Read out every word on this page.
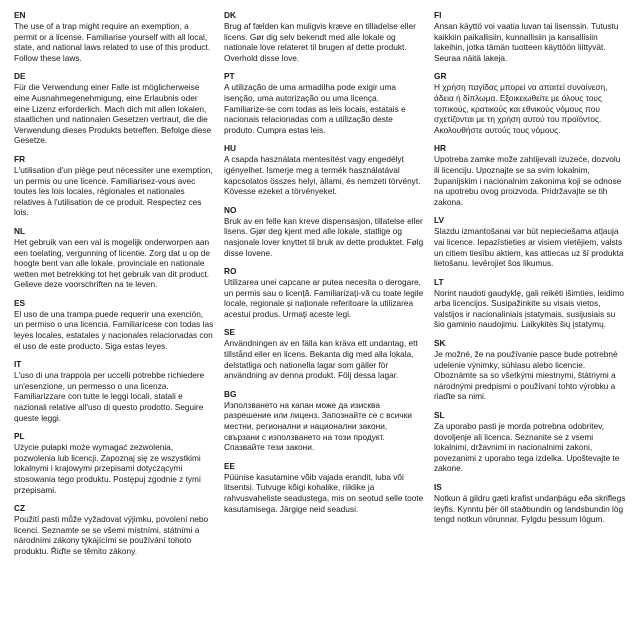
EN

The use of a trap might require an exemption, a permit or a license. Familiarise yourself with all local, state, and national laws related to use of this product. Follow these laws.

DE

Für die Verwendung einer Falle ist möglicherweise eine Ausnahmegenehmigung, eine Erlaubnis oder eine Lizenz erforderlich. Mach dich mit allen lokalen, staatlichen und nationalen Gesetzen vertraut, die die Verwendung dieses Produkts betreffen. Befolge diese Gesetze.

FR

L'utilisation d'un piège peut nécessiter une exemption, un permis ou une licence. Familiarisez-vous avec toutes les lois locales, régionales et nationales relatives à l'utilisation de ce produit. Respectez ces lois.

NL

Het gebruik van een val is mogelijk onderworpen aan een toelating, vergunning of licentie. Zorg dat u op de hoogte bent van alle lokale, provinciale en nationale wetten met betrekking tot het gebruik van dit product. Gelieve deze voorschriften na te leven.

ES

El uso de una trampa puede requerir una exención, un permiso o una licencia. Familiarícese con todas las leyes locales, estatales y nacionales relacionadas con el uso de este producto. Siga estas leyes.

IT

L'uso di una trappola per uccelli potrebbe richiedere un'esenzione, un permesso o una licenza. Familiarizzare con tutte le leggi locali, statali e nazionali relative all'uso di questo prodotto. Seguire queste leggi.

PL

Użycie pułapki może wymagać zezwolenia, pozwolenia lub licencji. Zapoznaj się ze wszystkimi lokalnymi i krajowymi przepisami dotyczącymi stosowania tego produktu. Postępuj zgodnie z tymi przepisami.

CZ

Použití pasti může vyžadovat výjimku, povolení nebo licenci. Seznamte se se všemi místními, státními a národními zákony týkajícími se používání tohoto produktu. Řiďte se těmito zákony.

DK

Brug af fælden kan muligvis kræve en tilladelse eller licens. Gør dig selv bekendt med alle lokale og nationale love relateret til brugen af dette produkt. Overhold disse love.

PT

A utilização de uma armadilha pode exigir uma isenção, uma autorização ou uma licença. Familiarize-se com todas as leis locais, estatais e nacionais relacionadas com a utilização deste produto. Cumpra estas leis.

HU

A csapda használata mentesítést vagy engedélyt igényelhet. Ismerje meg a termék használatával kapcsolatos összes helyi, állami, és nemzeti törvényt. Kövesse ezeket a törvényeket.

NO

Bruk av en felle kan kreve dispensasjon, tillatelse eller lisens. Gjør deg kjent med alle lokale, statlige og nasjonale lover knyttet til bruk av dette produktet. Følg disse lovene.

RO

Utilizarea unei capcane ar putea necesita o derogare, un permis sau o licență. Familiarizați-vă cu toate legile locale, regionale și naționale referitoare la utilizarea acestui produs. Urmați aceste legi.

SE

Användningen av en fälla kan kräva ett undantag, ett tillstånd eller en licens. Bekanta dig med alla lokala, delstatliga och nationella lagar som gäller för användning av denna produkt. Följ dessa lagar.

BG

Използването на капан може да изисква разрешение или лиценз. Запознайте се с всички местни, регионални и национални закони, свързани с използването на този продукт. Спазвайте тези закони.

EE

Püünise kasutamine võib vajada erandit, luba või litsentsi. Tutvuge kõigi kohalike, riiklike ja rahvusvaheliste seadustega, mis on seotud selle toote kasutamisega. Järgige neid seadusi.

FI

Ansan käyttö voi vaatia luvan tai lisenssin. Tutustu kaikkiin paikallisiin, kunnallisiin ja kansallisiin lakeihin, jotka tämän tuotteen käyttöön liittyvät. Seuraa näitä lakeja.

GR

Η χρήση παγίδας μπορεί να απαιτεί συναίνεση, άδεια ή δίπλωμα. Εξοικειωθείτε με όλους τους τοπικούς, κρατικούς και εθνικούς νόμους που σχετίζονται με τη χρήση αυτού του προϊόντος. Ακολουθήστε αυτούς τους νόμους.

HR

Upotreba zamke može zahtijevati izuzeće, dozvolu ili licenciju. Upoznajte se sa svim lokalnim, županijskim i nacionalnim zakonima koji se odnose na upotrebu ovog proizvoda. Pridržavajte se tih zakona.

LV

Slazdu izmantošanai var būt nepieciešama atļauja vai licence. Iepazīstieties ar visiem vietējiem, valsts un citiem tiesību aktiem, kas attiecas uz šī produkta lietošanu. Ievērojiet šos likumus.

LT

Norint naudoti gaudyklę, gali reikėti išimties, leidimo arba licencijos. Susipažinkite su visais vietos, valstijos ir nacionaliniais įstatymais, susijusiais su šio gaminio naudojimu. Laikykitės šių įstatymų.

SK

Je možné, že na používanie pasce bude potrebné udelenie výnimky, súhlasu alebo licencie. Oboznámte sa so všetkými miestnymi, štátnymi a národnými predpismi o používaní tohto výrobku a riaďte sa nimi.

SL

Za uporabo pasti je morda potrebna odobritev, dovoljenje ali licenca. Seznanite se z vsemi lokalnimi, državnimi in nacionalnimi zakoni, povezanimi z uporabo tega izdelka. Upoštevajte te zakone.

IS

Notkun á gildru gæti krafist undanþágu eða skriflegs leyfis. Kynntu þér öll staðbundin og landsbundin lög tengd notkun vörunnar. Fylgdu þessum lögum.
